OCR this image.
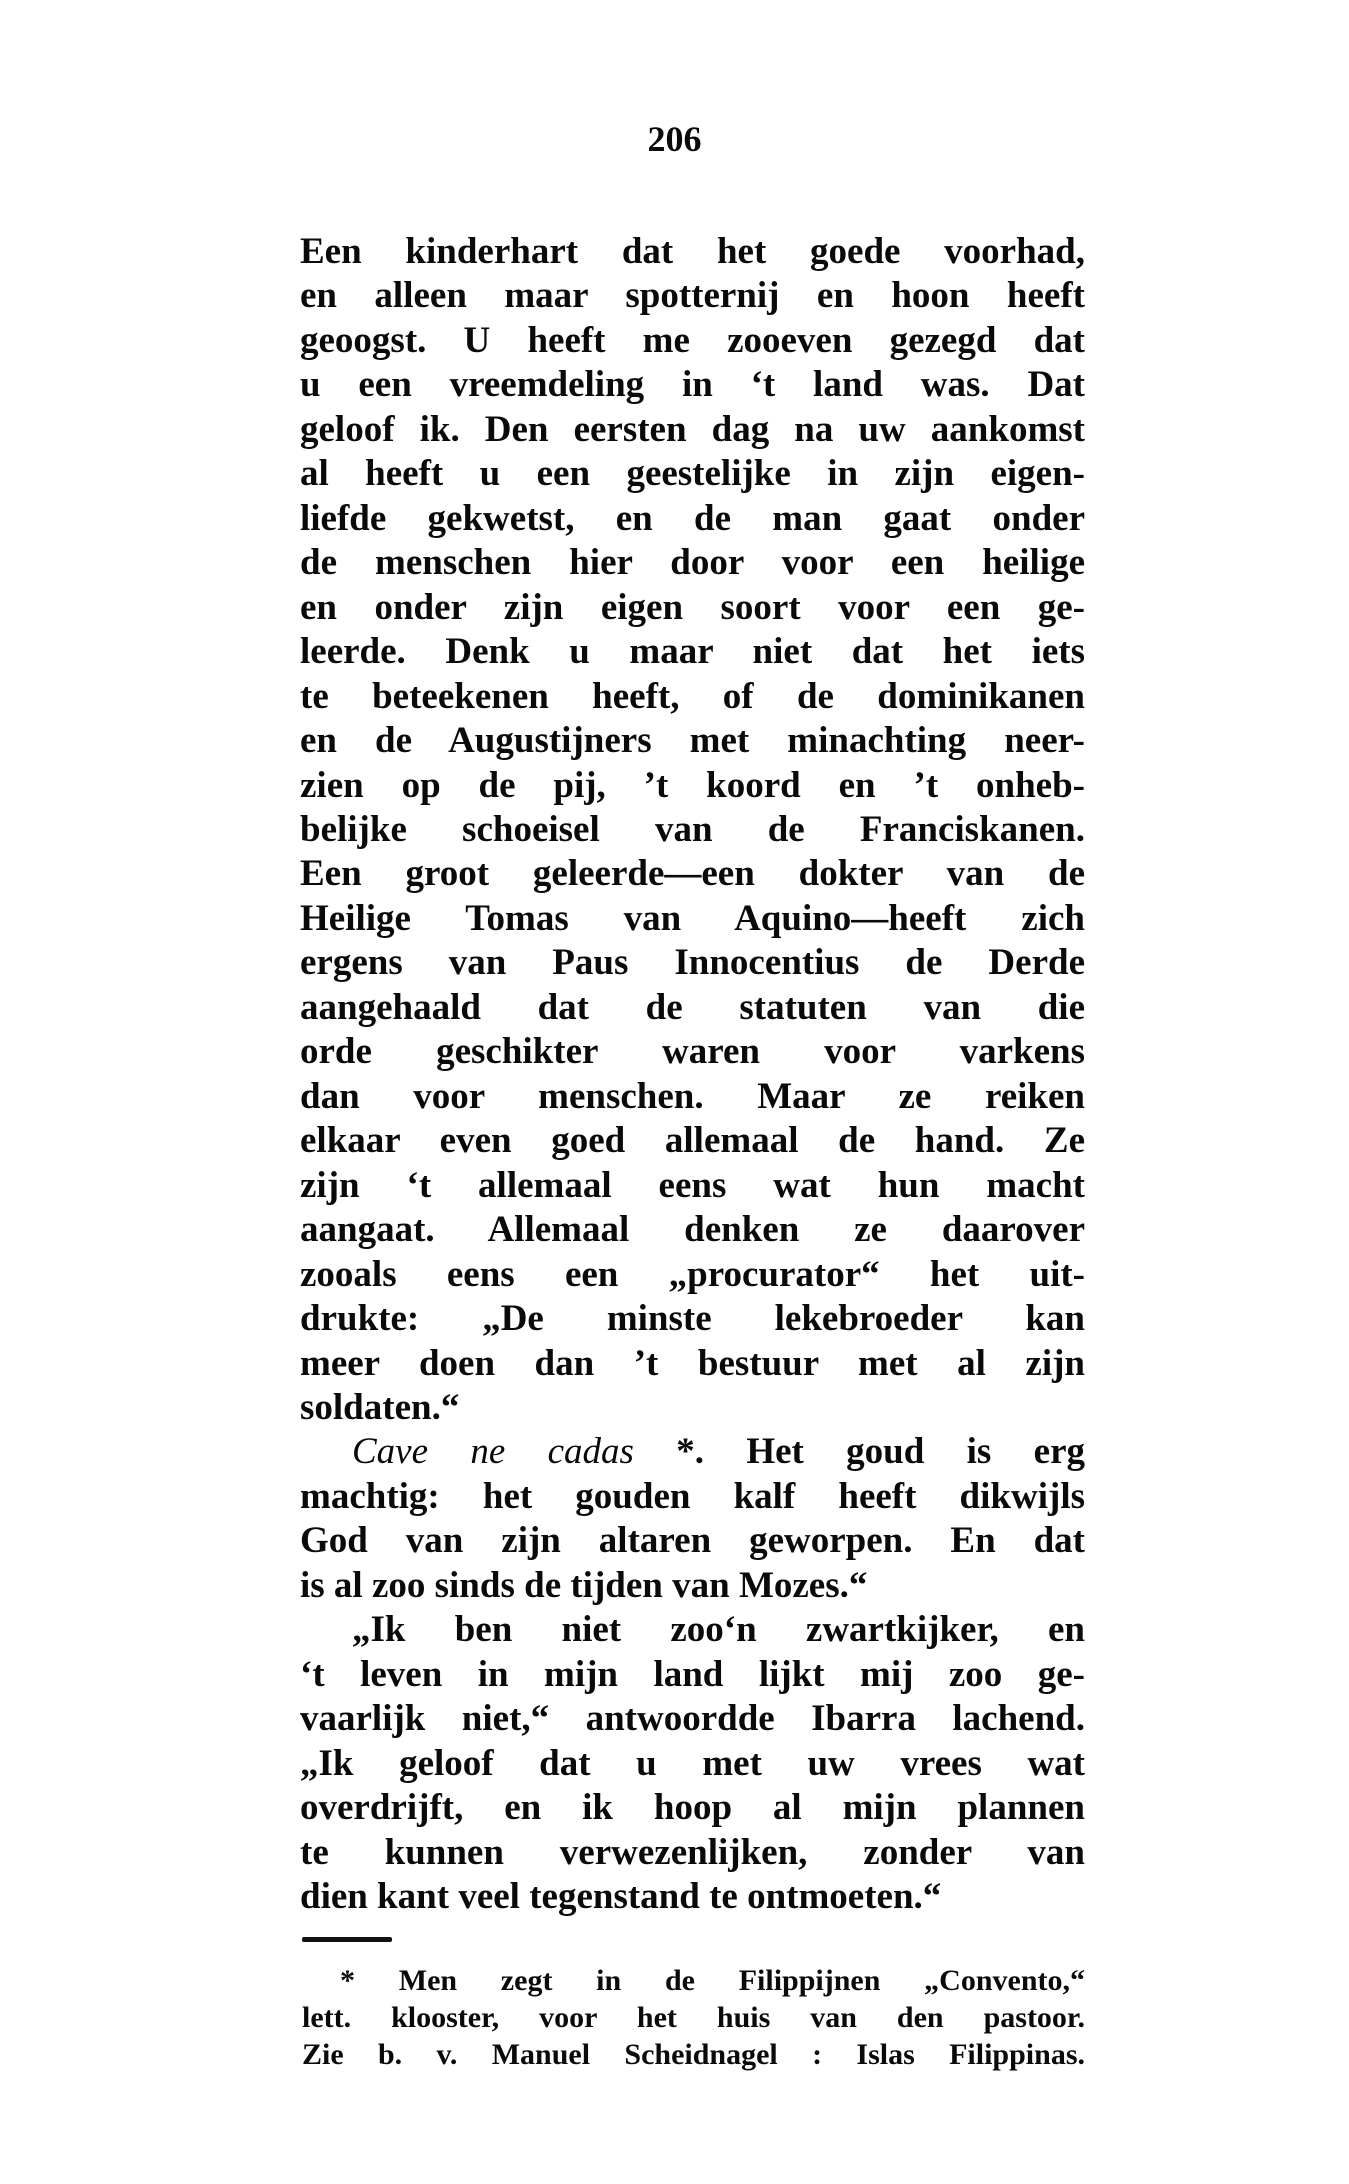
206
Een kinderhart dat het goede voorhad,
en alleen maar spotternij en hoon heeft
geoogst. U heeft me zooeven gezegd dat
u een vreemdeling in ‘t land was. Dat
geloof ik. Den eersten dag na uw aankomst
al heeft u een geestelijke in zijn eigen-
liefde gekwetst, en de man gaat onder
de menschen hier door voor een heilige
en onder zijn eigen soort voor een ge-
leerde. Denk u maar niet dat het iets
te beteekenen heeft, of de dominikanen
en de Augustijners met minachting neer-
zien op de pij, ’t koord en ’t onheb-
belijke schoeisel van de Franciskanen.
Een groot geleerde—een dokter van de
Heilige Tomas van Aquino—heeft zich
ergens van Paus Innocentius de Derde
aangehaald dat de statuten van die
orde geschikter waren voor varkens
dan voor menschen. Maar ze reiken
elkaar even goed allemaal de hand. Ze
zijn ‘t allemaal eens wat hun macht
aangaat. Allemaal denken ze daarover
zooals eens een „procurator“ het uit-
drukte: „De minste lekebroeder kan
meer doen dan ’t bestuur met al zijn
soldaten.“
Cave ne cadas *. Het goud is erg
machtig: het gouden kalf heeft dikwijls
God van zijn altaren geworpen. En dat
is al zoo sinds de tijden van Mozes.“
„Ik ben niet zoo‘n zwartkijker, en
‘t leven in mijn land lijkt mij zoo ge-
vaarlijk niet,“ antwoordde Ibarra lachend.
„Ik geloof dat u met uw vrees wat
overdrijft, en ik hoop al mijn plannen
te kunnen verwezenlijken, zonder van
dien kant veel tegenstand te ontmoeten.“
* Men zegt in de Filippijnen „Convento,“
lett. klooster, voor het huis van den pastoor.
Zie b. v. Manuel Scheidnagel : Islas Filippinas.
